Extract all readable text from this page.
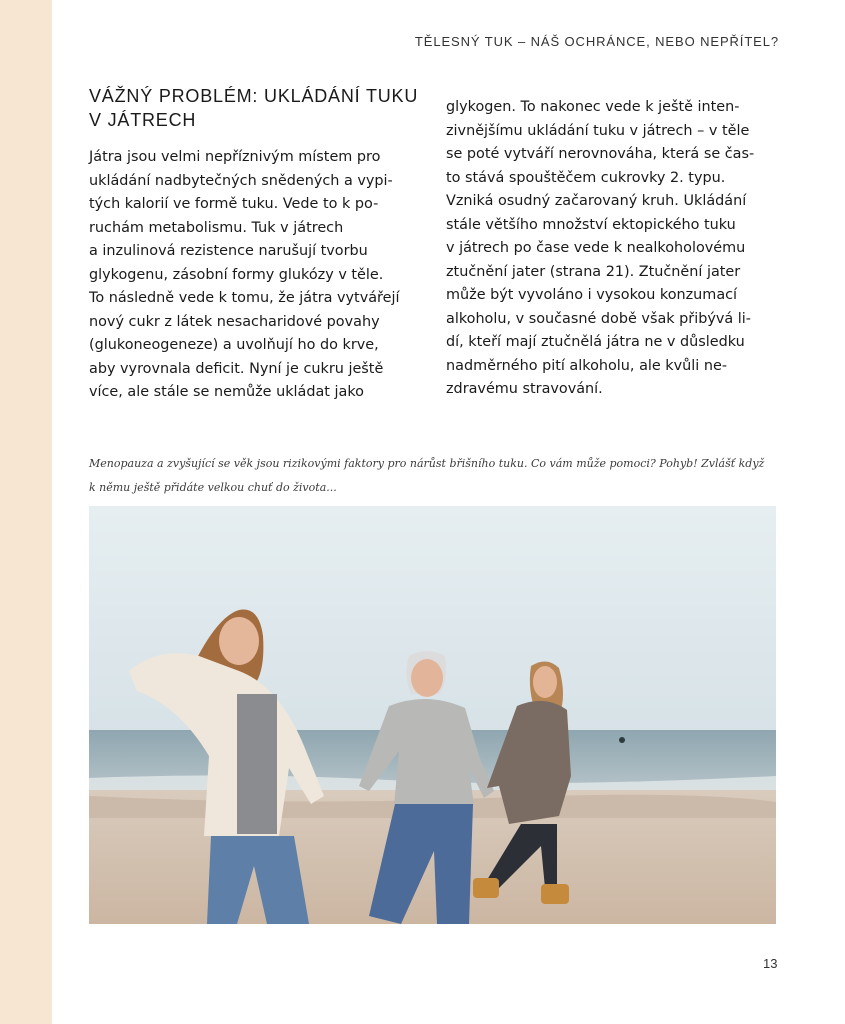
TĚLESNÝ TUK – NÁŠ OCHRÁNCE, NEBO NEPŘÍTEL?
VÁŽNÝ PROBLÉM: UKLÁDÁNÍ TUKU
V JÁTRECH
Játra jsou velmi nepříznivým místem pro
ukládání nadbytečných snědených a vypi-
tých kalorií ve formě tuku. Vede to k po-
ruchám metabolismu. Tuk v játrech
a inzulinová rezistence narušují tvorbu
glykogenu, zásobní formy glukózy v těle.
To následně vede k tomu, že játra vytvářejí
nový cukr z látek nesacharidové povahy
(glukoneogeneze) a uvolňují ho do krve,
aby vyrovnala deficit. Nyní je cukru ještě
více, ale stále se nemůže ukládat jako
glykogen. To nakonec vede k ještě inten-
zivnějšímu ukládání tuku v játrech – v těle
se poté vytváří nerovnováha, která se čas-
to stává spouštěčem cukrovky 2. typu.
Vzniká osudný začarovaný kruh. Ukládání
stále většího množství ektopického tuku
v játrech po čase vede k nealkoholovému
ztučnění jater (strana 21). Ztučnění jater
může být vyvoláno i vysokou konzumací
alkoholu, v současné době však přibývá li-
dí, kteří mají ztučnělá játra ne v důsledku
nadměrného pití alkoholu, ale kvůli ne-
zdravému stravování.
Menopauza a zvyšující se věk jsou rizikovými faktory pro nárůst břišního tuku. Co vám může pomoci? Pohyb! Zvlášť když
k němu ještě přidáte velkou chuť do života...
13
